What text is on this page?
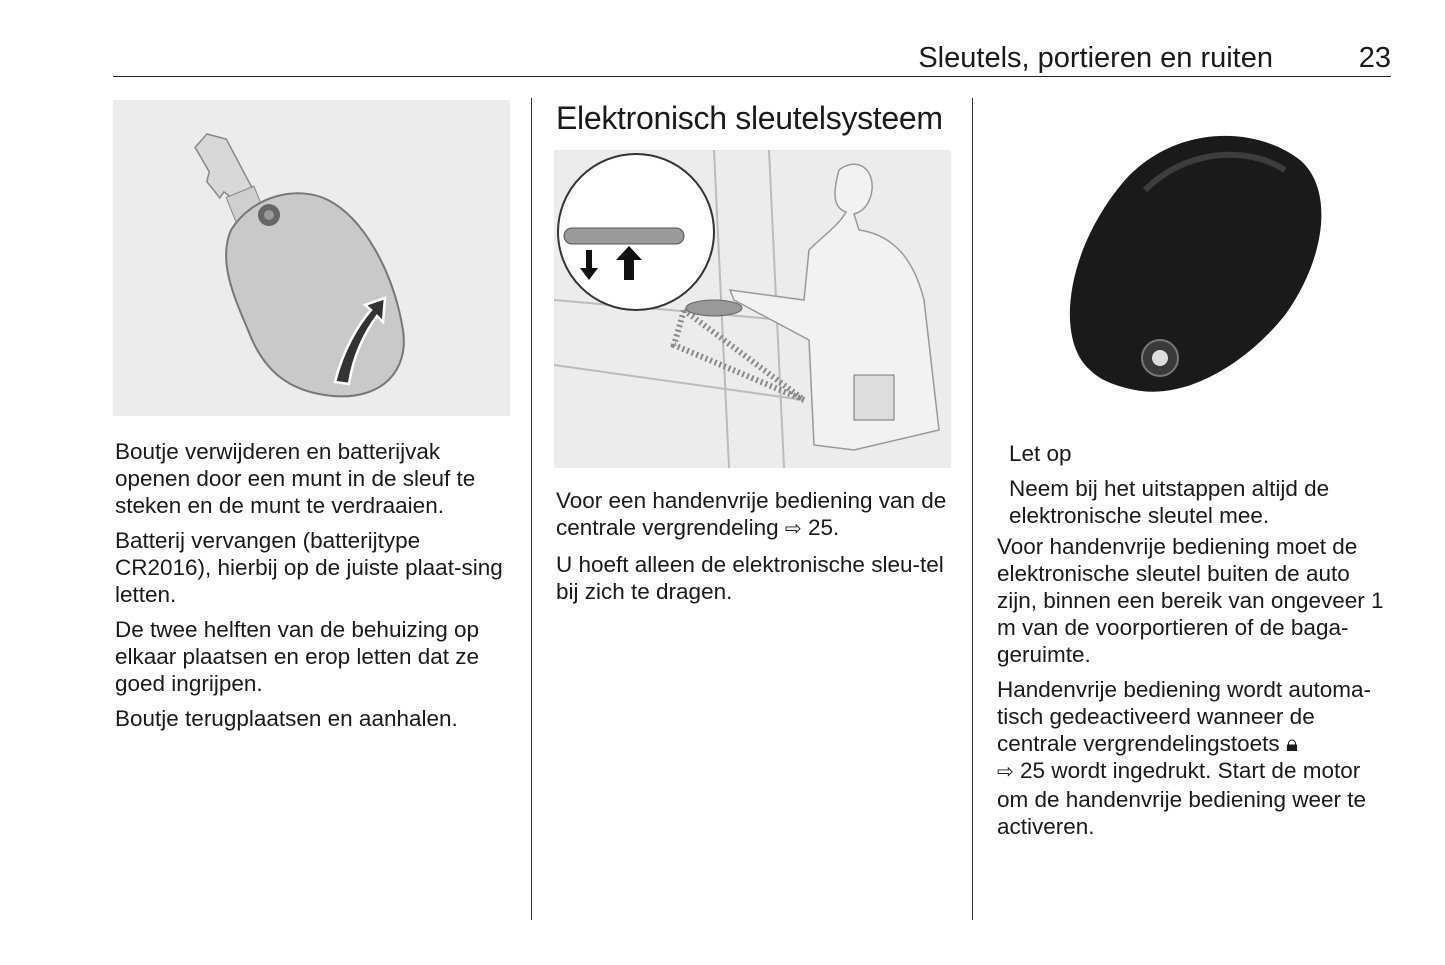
Sleutels, portieren en ruiten	23

Boutje verwijderen en batterijvak openen door een munt in de sleuf te steken en de munt te verdraaien.

Batterij vervangen (batterijtype CR2016), hierbij op de juiste plaat-sing letten.

De twee helften van de behuizing op elkaar plaatsen en erop letten dat ze goed ingrijpen.

Boutje terugplaatsen en aanhalen.

Elektronisch sleutelsysteem

Voor een handenvrije bediening van de centrale vergrendeling ⇨ 25.

U hoeft alleen de elektronische sleu-tel bij zich te dragen.

Let op

Neem bij het uitstappen altijd de elektronische sleutel mee.

Voor handenvrije bediening moet de elektronische sleutel buiten de auto zijn, binnen een bereik van ongeveer 1 m van de voorportieren of de baga-geruimte.

Handenvrije bediening wordt automa-tisch gedeactiveerd wanneer de centrale vergrendelingstoets 🔒︎
⇨ 25 wordt ingedrukt. Start de motor om de handenvrije bediening weer te activeren.
